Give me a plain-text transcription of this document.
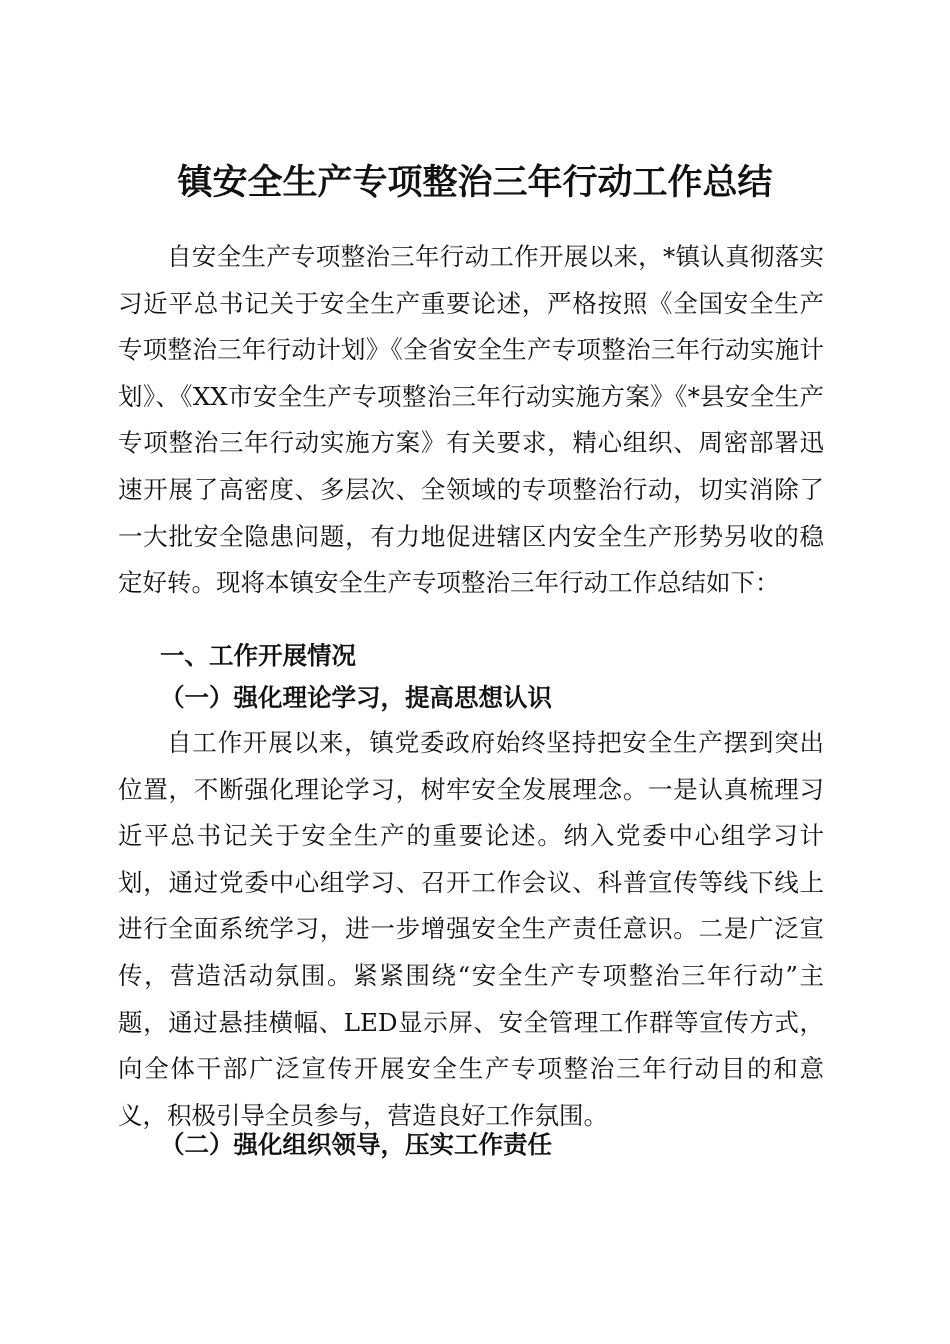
镇安全生产专项整治三年行动工作总结

自安全生产专项整治三年行动工作开展以来，*镇认真彻落实习近平总书记关于安全生产重要论述，严格按照《全国安全生产专项整治三年行动计划》《全省安全生产专项整治三年行动实施计划》、《XX市安全生产专项整治三年行动实施方案》《*县安全生产专项整治三年行动实施方案》有关要求，精心组织、周密部署迅速开展了高密度、多层次、全领域的专项整治行动，切实消除了一大批安全隐患问题，有力地促进辖区内安全生产形势另收的稳定好转。现将本镇安全生产专项整治三年行动工作总结如下：

一、工作开展情况
（一）强化理论学习，提高思想认识

自工作开展以来，镇党委政府始终坚持把安全生产摆到突出位置，不断强化理论学习，树牢安全发展理念。一是认真梳理习近平总书记关于安全生产的重要论述。纳入党委中心组学习计划，通过党委中心组学习、召开工作会议、科普宣传等线下线上进行全面系统学习，进一步增强安全生产责任意识。二是广泛宣传，营造活动氛围。紧紧围绕“安全生产专项整治三年行动”主题，通过悬挂横幅、LED显示屏、安全管理工作群等宣传方式，向全体干部广泛宣传开展安全生产专项整治三年行动目的和意义，积极引导全员参与，营造良好工作氛围。

（二）强化组织领导，压实工作责任
